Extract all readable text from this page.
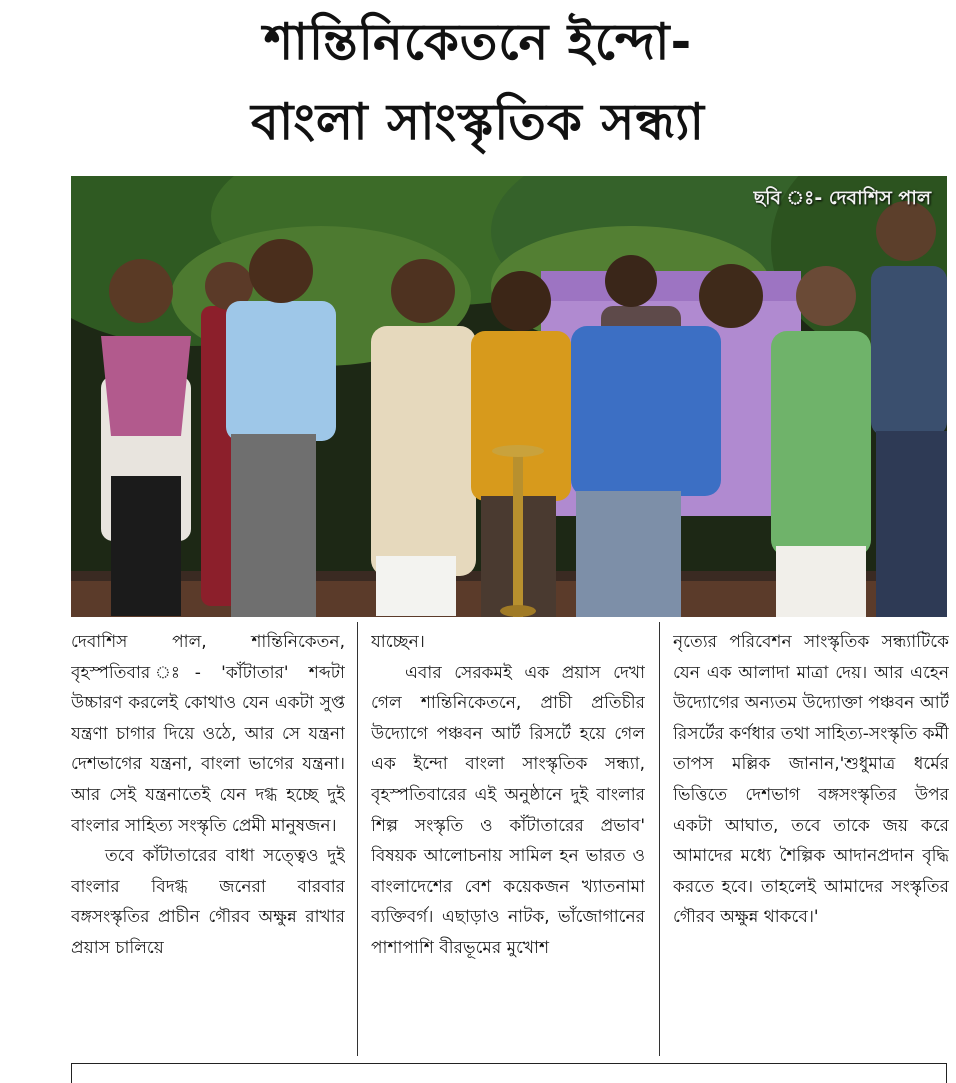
শান্তিনিকেতনে ইন্দো-
বাংলা সাংস্কৃতিক সন্ধ্যা
ছবি ঃ- দেবাশিস পাল

দেবাশিস পাল, শান্তিনিকেতন, বৃহস্পতিবার ঃ- 'কাঁটাতার' শব্দটা উচ্চারণ করলেই কোথাও যেন একটা সুপ্ত যন্ত্রণা চাগার দিয়ে ওঠে, আর সে যন্ত্রনা দেশভাগের যন্ত্রনা, বাংলা ভাগের যন্ত্রনা। আর সেই যন্ত্রনাতেই যেন দগ্ধ হচ্ছে দুই বাংলার সাহিত্য সংস্কৃতি প্রেমী মানুষজন।

তবে কাঁটাতারের বাধা সত্ত্বেও দুই বাংলার বিদগ্ধ জনেরা বারবার বঙ্গসংস্কৃতির প্রাচীন গৌরব অক্ষুন্ন রাখার প্রয়াস চালিয়ে

যাচ্ছেন।

এবার সেরকমই এক প্রয়াস দেখা গেল শান্তিনিকেতনে, প্রাচী প্রতিচীর উদ্যোগে পঞ্চবন আর্ট রিসর্টে হয়ে গেল এক ইন্দো বাংলা সাংস্কৃতিক সন্ধ্যা, বৃহস্পতিবারের এই অনুষ্ঠানে দুই বাংলার শিল্প সংস্কৃতি ও কাঁটাতারের প্রভাব' বিষয়ক আলোচনায় সামিল হন ভারত ও বাংলাদেশের বেশ কয়েকজন খ্যাতনামা ব্যক্তিবর্গ। এছাড়াও নাটক, ভাঁজোগানের পাশাপাশি বীরভূমের মুখোশ

নৃত্যের পরিবেশন সাংস্কৃতিক সন্ধ্যাটিকে যেন এক আলাদা মাত্রা দেয়। আর এহেন উদ্যোগের অন্যতম উদ্যোক্তা পঞ্চবন আর্ট রিসর্টের কর্ণধার তথা সাহিত্য-সংস্কৃতি কর্মী তাপস মল্লিক জানান,'শুধুমাত্র ধর্মের ভিত্তিতে দেশভাগ বঙ্গসংস্কৃতির উপর একটা আঘাত, তবে তাকে জয় করে আমাদের মধ্যে শৈল্পিক আদানপ্রদান বৃদ্ধি করতে হবে। তাহলেই আমাদের সংস্কৃতির গৌরব অক্ষুন্ন থাকবে।'
